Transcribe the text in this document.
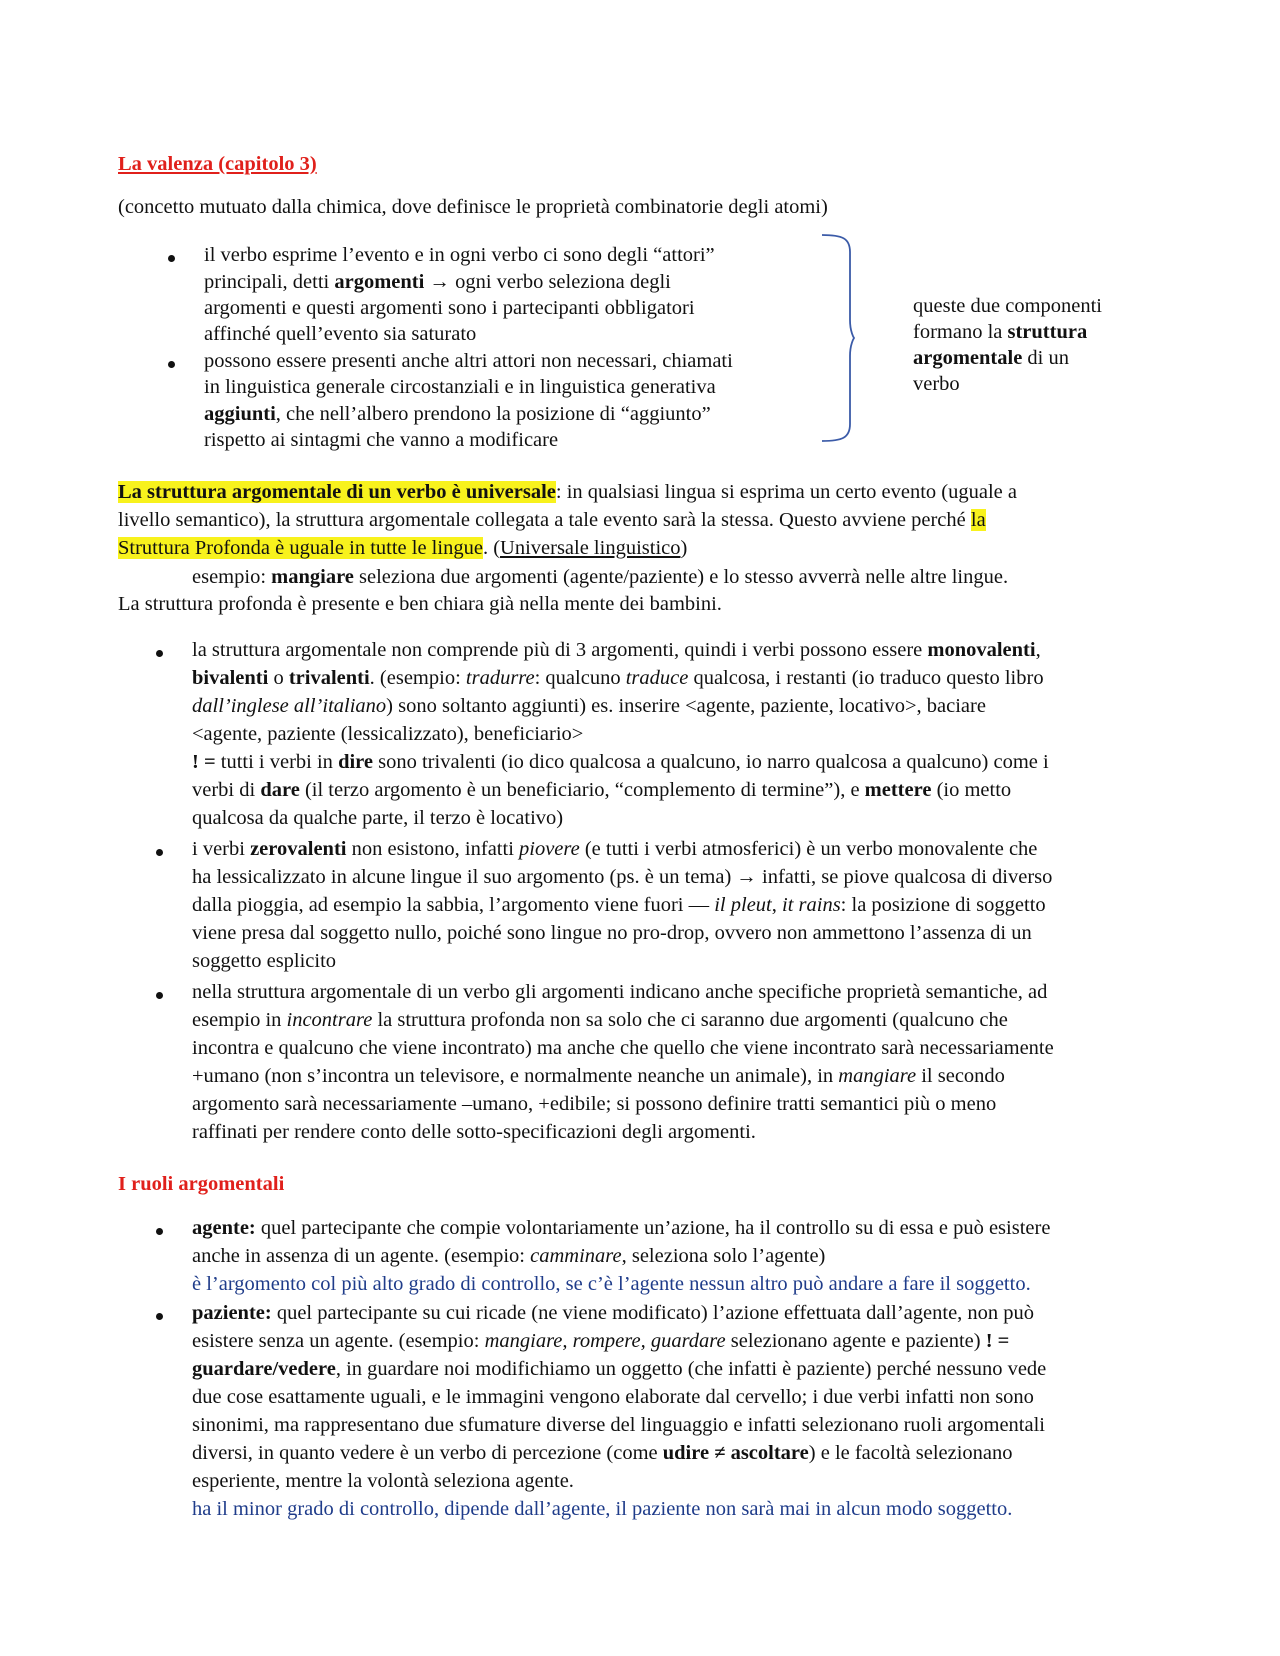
La valenza (capitolo 3)
(concetto mutuato dalla chimica, dove definisce le proprietà combinatorie degli atomi)
il verbo esprime l’evento e in ogni verbo ci sono degli “attori”
principali, detti argomenti → ogni verbo seleziona degli
argomenti e questi argomenti sono i partecipanti obbligatori
affinché quell’evento sia saturato
possono essere presenti anche altri attori non necessari, chiamati
in linguistica generale circostanziali e in linguistica generativa
aggiunti, che nell’albero prendono la posizione di “aggiunto”
rispetto ai sintagmi che vanno a modificare
queste due componenti
formano la struttura
argomentale di un
verbo
La struttura argomentale di un verbo è universale: in qualsiasi lingua si esprima un certo evento (uguale a
livello semantico), la struttura argomentale collegata a tale evento sarà la stessa. Questo avviene perché la
Struttura Profonda è uguale in tutte le lingue. (Universale linguistico)
esempio: mangiare seleziona due argomenti (agente/paziente) e lo stesso avverrà nelle altre lingue.
La struttura profonda è presente e ben chiara già nella mente dei bambini.
la struttura argomentale non comprende più di 3 argomenti, quindi i verbi possono essere monovalenti,
bivalenti o trivalenti. (esempio: tradurre: qualcuno traduce qualcosa, i restanti (io traduco questo libro
dall’inglese all’italiano) sono soltanto aggiunti) es. inserire <agente, paziente, locativo>, baciare
<agente, paziente (lessicalizzato), beneficiario>
! = tutti i verbi in dire sono trivalenti (io dico qualcosa a qualcuno, io narro qualcosa a qualcuno) come i
verbi di dare (il terzo argomento è un beneficiario, “complemento di termine”), e mettere (io metto
qualcosa da qualche parte, il terzo è locativo)
i verbi zerovalenti non esistono, infatti piovere (e tutti i verbi atmosferici) è un verbo monovalente che
ha lessicalizzato in alcune lingue il suo argomento (ps. è un tema) → infatti, se piove qualcosa di diverso
dalla pioggia, ad esempio la sabbia, l’argomento viene fuori — il pleut, it rains: la posizione di soggetto
viene presa dal soggetto nullo, poiché sono lingue no pro-drop, ovvero non ammettono l’assenza di un
soggetto esplicito
nella struttura argomentale di un verbo gli argomenti indicano anche specifiche proprietà semantiche, ad
esempio in incontrare la struttura profonda non sa solo che ci saranno due argomenti (qualcuno che
incontra e qualcuno che viene incontrato) ma anche che quello che viene incontrato sarà necessariamente
+umano (non s’incontra un televisore, e normalmente neanche un animale), in mangiare il secondo
argomento sarà necessariamente –umano, +edibile; si possono definire tratti semantici più o meno
raffinati per rendere conto delle sotto-specificazioni degli argomenti.
I ruoli argomentali
agente: quel partecipante che compie volontariamente un’azione, ha il controllo su di essa e può esistere
anche in assenza di un agente. (esempio: camminare, seleziona solo l’agente)
è l’argomento col più alto grado di controllo, se c’è l’agente nessun altro può andare a fare il soggetto.
paziente: quel partecipante su cui ricade (ne viene modificato) l’azione effettuata dall’agente, non può
esistere senza un agente. (esempio: mangiare, rompere, guardare selezionano agente e paziente) ! =
guardare/vedere, in guardare noi modifichiamo un oggetto (che infatti è paziente) perché nessuno vede
due cose esattamente uguali, e le immagini vengono elaborate dal cervello; i due verbi infatti non sono
sinonimi, ma rappresentano due sfumature diverse del linguaggio e infatti selezionano ruoli argomentali
diversi, in quanto vedere è un verbo di percezione (come udire ≠ ascoltare) e le facoltà selezionano
esperiente, mentre la volontà seleziona agente.
ha il minor grado di controllo, dipende dall’agente, il paziente non sarà mai in alcun modo soggetto.
